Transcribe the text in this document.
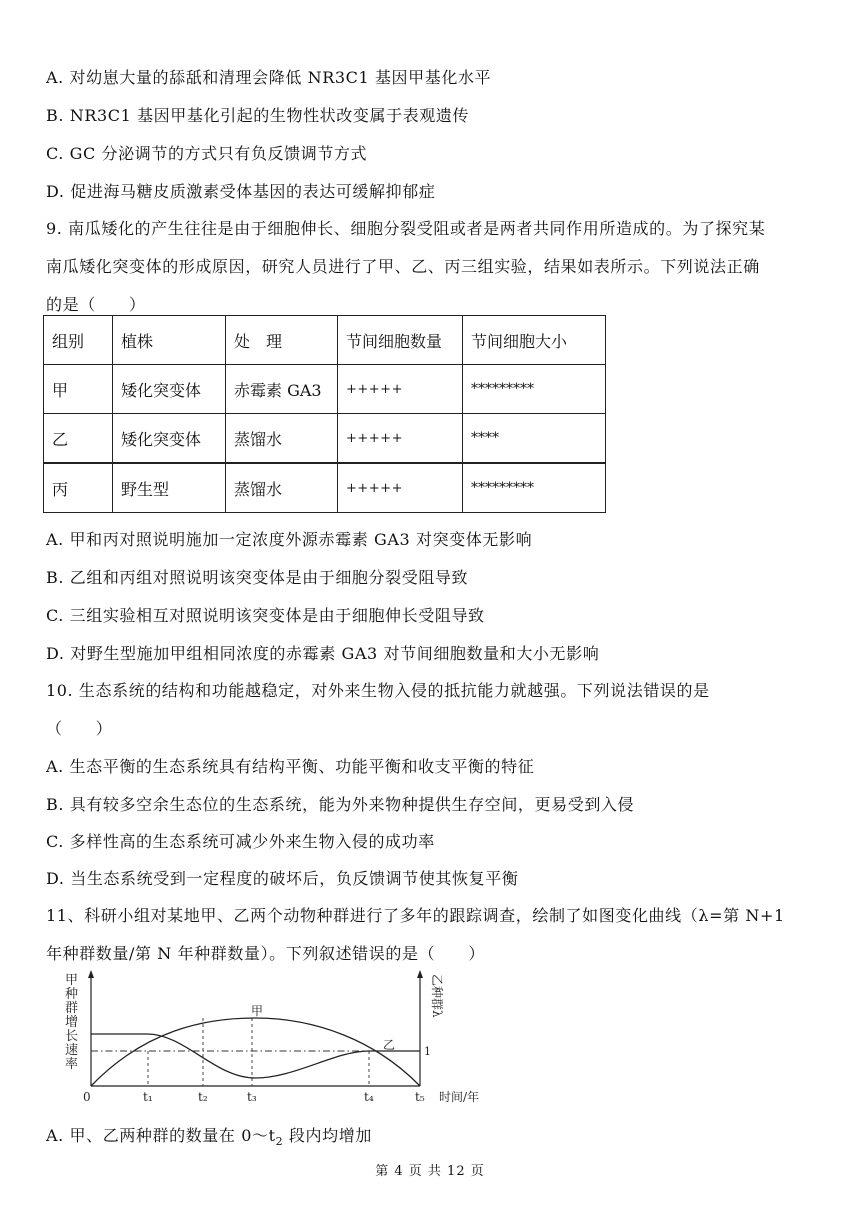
A. 对幼崽大量的舔舐和清理会降低 NR3C1 基因甲基化水平
B. NR3C1 基因甲基化引起的生物性状改变属于表观遗传
C. GC 分泌调节的方式只有负反馈调节方式
D. 促进海马糖皮质激素受体基因的表达可缓解抑郁症
9. 南瓜矮化的产生往往是由于细胞伸长、细胞分裂受阻或者是两者共同作用所造成的。为了探究某
南瓜矮化突变体的形成原因，研究人员进行了甲、乙、丙三组实验，结果如表所示。下列说法正确
的是（　　）
组别	植株	处　理	节间细胞数量	节间细胞大小
甲	矮化突变体	赤霉素 GA3	+++++	*********
乙	矮化突变体	蒸馏水	+++++	****
丙	野生型	蒸馏水	+++++	*********
A. 甲和丙对照说明施加一定浓度外源赤霉素 GA3 对突变体无影响
B. 乙组和丙组对照说明该突变体是由于细胞分裂受阻导致
C. 三组实验相互对照说明该突变体是由于细胞伸长受阻导致
D. 对野生型施加甲组相同浓度的赤霉素 GA3 对节间细胞数量和大小无影响
10. 生态系统的结构和功能越稳定，对外来生物入侵的抵抗能力就越强。下列说法错误的是
（　　）
A. 生态平衡的生态系统具有结构平衡、功能平衡和收支平衡的特征
B. 具有较多空余生态位的生态系统，能为外来物种提供生存空间，更易受到入侵
C. 多样性高的生态系统可减少外来生物入侵的成功率
D. 当生态系统受到一定程度的破坏后，负反馈调节使其恢复平衡
11、科研小组对某地甲、乙两个动物种群进行了多年的跟踪调查，绘制了如图变化曲线（λ=第 N+1
年种群数量/第 N 年种群数量）。下列叙述错误的是（　　）
甲
种
群
增
长
速
率
乙种群λ
甲
乙	1
0	t₁	t₂	t₃	t₄	t₅ 时间/年
A. 甲、乙两种群的数量在 $0\sim t_2$ 段内均增加
第 4 页 共 12 页
